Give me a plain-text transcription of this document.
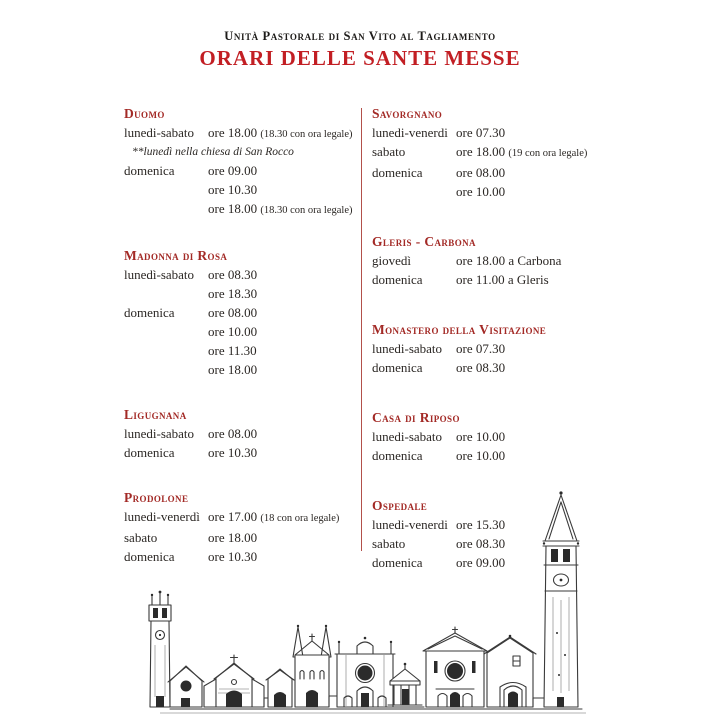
Unità Pastorale di San Vito al Tagliamento
ORARI DELLE SANTE MESSE
Duomo
lunedi-sabato	ore 18.00 (18.30 con ora legale)
**lunedì nella chiesa di San Rocco
domenica	ore 09.00
ore 10.30
ore 18.00 (18.30 con ora legale)
Madonna di Rosa
lunedì-sabato	ore 08.30
ore 18.30
domenica	ore 08.00
ore 10.00
ore 11.30
ore 18.00
Ligugnana
lunedi-sabato	ore 08.00
domenica	ore 10.30
Prodolone
lunedi-venerdì ore 17.00 (18 con ora legale)
sabato	ore 18.00
domenica	ore 10.30
Savorgnano
lunedi-venerdi ore 07.30
sabato	ore 18.00 (19 con ora legale)
domenica	ore 08.00
ore 10.00
Gleris - Carbona
giovedì	ore 18.00 a Carbona
domenica	ore 11.00 a Gleris
Monastero della Visitazione
lunedi-sabato	ore 07.30
domenica	ore 08.30
Casa di Riposo
lunedi-sabato	ore 10.00
domenica	ore 10.00
Ospedale
lunedi-venerdi ore 15.30
sabato	ore 08.30
domenica	ore 09.00
